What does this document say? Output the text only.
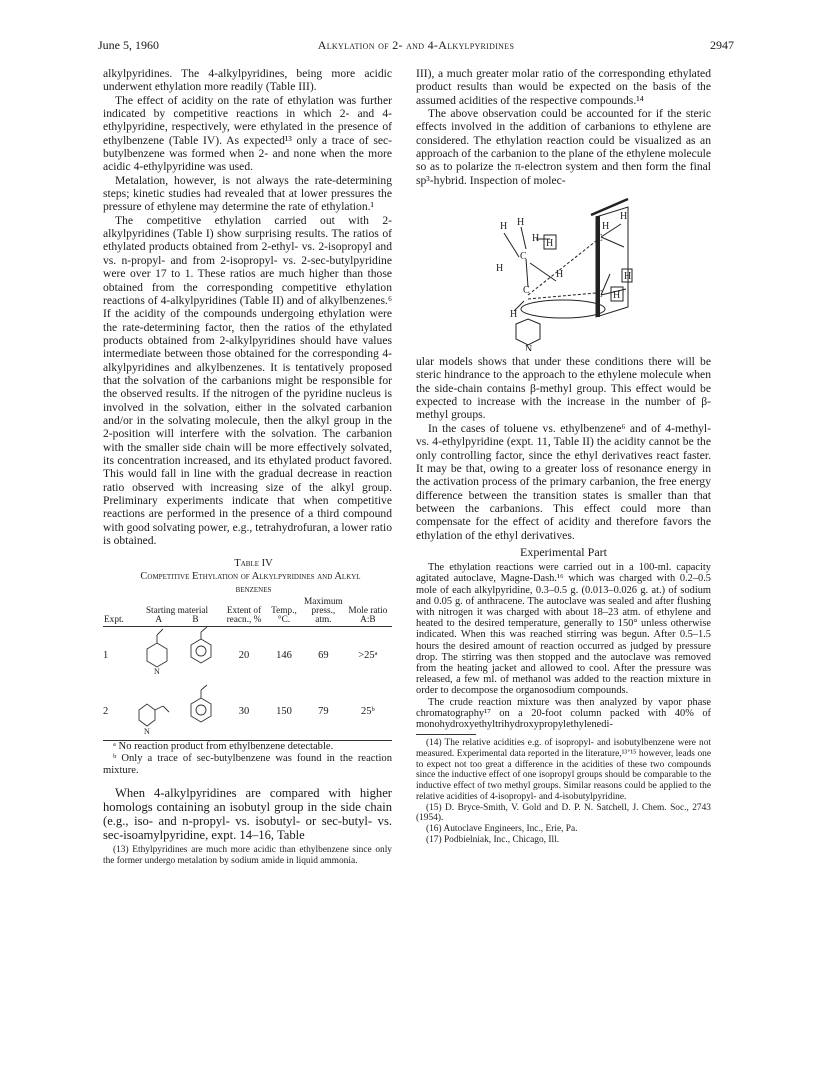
June 5, 1960	Alkylation of 2- and 4-Alkylpyridines	2947

alkylpyridines. The 4-alkylpyridines, being more acidic underwent ethylation more readily (Table III).

The effect of acidity on the rate of ethylation was further indicated by competitive reactions in which 2- and 4-ethylpyridine, respectively, were ethylated in the presence of ethylbenzene (Table IV). As expected¹³ only a trace of sec-butylbenzene was formed when 2- and none when the more acidic 4-ethylpyridine was used.

Metalation, however, is not always the rate-determining steps; kinetic studies had revealed that at lower pressures the pressure of ethylene may determine the rate of ethylation.¹

The competitive ethylation carried out with 2-alkylpyridines (Table I) show surprising results. The ratios of ethylated products obtained from 2-ethyl- vs. 2-isopropyl and vs. n-propyl- and from 2-isopropyl- vs. 2-sec-butylpyridine were over 17 to 1. These ratios are much higher than those obtained from the corresponding competitive ethylation reactions of 4-alkylpyridines (Table II) and of alkylbenzenes.⁶ If the acidity of the compounds undergoing ethylation were the rate-determining factor, then the ratios of the ethylated products obtained from 2-alkylpyridines should have values intermediate between those obtained for the corresponding 4-alkylpyridines and alkylbenzenes. It is tentatively proposed that the solvation of the carbanions might be responsible for the observed results. If the nitrogen of the pyridine nucleus is involved in the solvation, either in the solvated carbanion and/or in the solvating molecule, then the alkyl group in the 2-position will interfere with the solvation. The carbanion with the smaller side chain will be more effectively solvated, its concentration increased, and its ethylated product favored. This would fall in line with the gradual decrease in reaction ratio observed with increasing size of the alkyl group. Preliminary experiments indicate that when competitive reactions are performed in the presence of a third compound with good solvating power, e.g., tetrahydrofuran, a lower ratio is obtained.

Table IV

Competitive Ethylation of Alkylpyridines and Alkyl

benzenes

Expt.	Starting material
A B	Extent of reacn., %	Temp., °C.	Maximum press., atm.	Mole ratio A:B
1	N	20	146	69	>25ᵃ
2	N	30	150	79	25ᵇ

ᵃ No reaction product from ethylbenzene detectable.

ᵇ Only a trace of sec-butylbenzene was found in the reaction mixture.

When 4-alkylpyridines are compared with higher homologs containing an isobutyl group in the side chain (e.g., iso- and n-propyl- vs. isobutyl- or sec-butyl- vs. sec-isoamylpyridine, expt. 14–16, Table

(13) Ethylpyridines are much more acidic than ethylbenzene since only the former undergo metalation by sodium amide in liquid ammonia.

III), a much greater molar ratio of the corresponding ethylated product results than would be expected on the basis of the assumed acidities of the respective compounds.¹⁴

The above observation could be accounted for if the steric effects involved in the addition of carbanions to ethylene are considered. The ethylation reaction could be visualized as an approach of the carbanion to the plane of the ethylene molecule so as to polarize the π-electron system and then form the final sp³-hybrid. Inspection of molec-

H H
H H
C
H
C
H
H
H
H
C
C H
H
N

ular models shows that under these conditions there will be steric hindrance to the approach to the ethylene molecule when the side-chain contains β-methyl group. This effect would be expected to increase with the increase in the number of β-methyl groups.

In the cases of toluene vs. ethylbenzene⁶ and of 4-methyl- vs. 4-ethylpyridine (expt. 11, Table II) the acidity cannot be the only controlling factor, since the ethyl derivatives react faster. It may be that, owing to a greater loss of resonance energy in the activation process of the primary carbanion, the free energy difference between the transition states is smaller than that between the carbanions. This effect could more than compensate for the effect of acidity and therefore favors the ethylation of the ethyl derivatives.

Experimental Part

The ethylation reactions were carried out in a 100-ml. capacity agitated autoclave, Magne-Dash.¹⁶ which was charged with 0.2–0.5 mole of each alkylpyridine, 0.3–0.5 g. (0.013–0.026 g. at.) of sodium and 0.05 g. of anthracene. The autoclave was sealed and after flushing with nitrogen it was charged with about 18–23 atm. of ethylene and heated to the desired temperature, generally to 150° unless otherwise indicated. When this was reached stirring was begun. After 0.5–1.5 hours the desired amount of reaction occurred as judged by pressure drop. The stirring was then stopped and the autoclave was removed from the heating jacket and allowed to cool. After the pressure was released, a few ml. of methanol was added to the reaction mixture in order to decompose the organosodium compounds.

The crude reaction mixture was then analyzed by vapor phase chromatography¹⁷ on a 20-foot column packed with 40% of monohydroxyethyltrihydroxypropylethylenedi-

(14) The relative acidities e.g. of isopropyl- and isobutylbenzene were not measured. Experimental data reported in the literature,¹³ʼ¹⁵ however, leads one to expect not too great a difference in the acidities of these two compounds since the inductive effect of one isopropyl groups should be comparable to the inductive effect of two methyl groups. Similar reasons could be applied to the relative acidities of 4-isopropyl- and 4-isobutylpyridine.

(15) D. Bryce-Smith, V. Gold and D. P. N. Satchell, J. Chem. Soc., 2743 (1954).

(16) Autoclave Engineers, Inc., Erie, Pa.

(17) Podbielniak, Inc., Chicago, Ill.
